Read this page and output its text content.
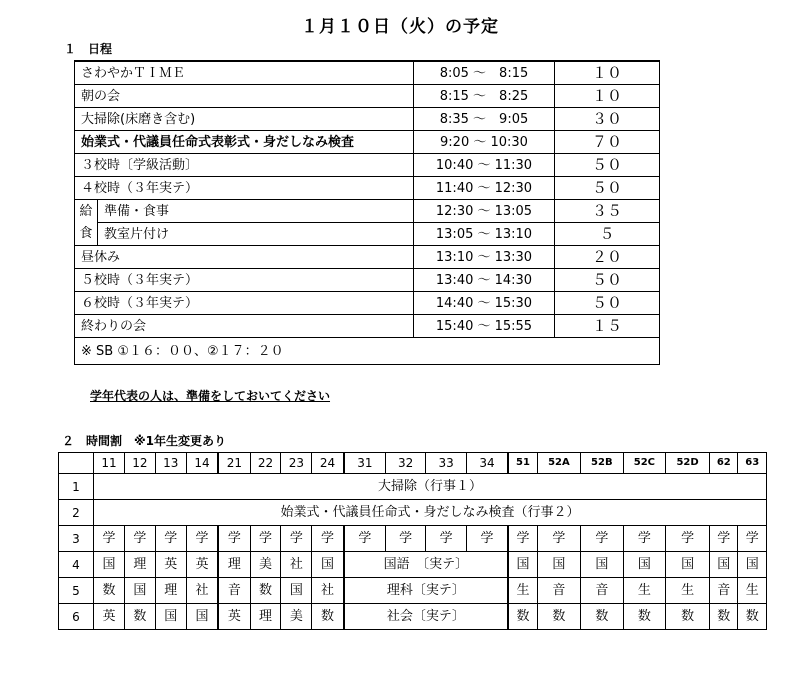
１月１０日（火）の予定
１　日程
さわやかＴＩＭＥ		8:05 ～　8:15	１０
朝の会		8:15 ～　8:25	１０
大掃除(床磨き含む)		8:35 ～　9:05	３０
始業式・代議員任命式表彰式・身だしなみ検査		9:20 ～ 10:30	７０
３校時〔学級活動〕		10:40 ～ 11:30	５０
４校時（３年実テ）		11:40 ～ 12:30	５０
給	準備・食事	12:30 ～ 13:05	３５
食	教室片付け	13:05 ～ 13:10	５
昼休み		13:10 ～ 13:30	２０
５校時（３年実テ）		13:40 ～ 14:30	５０
６校時（３年実テ）		14:40 ～ 15:30	５０
終わりの会		15:40 ～ 15:55	１５
※ SB ①１６：００、②１７：２０			
学年代表の人は、準備をしておいてください
２　時間割　※1年生変更あり
	11	12	13	14	21	22	23	24	31	32	33	34	51	52A	52B	52C	52D	62	63
1	大掃除（行事１）																		
2	始業式・代議員任命式・身だしなみ検査（行事２）																		
3	学	学	学	学	学	学	学	学	学	学	学	学	学	学	学	学	学	学	学
4	国	理	英	英	理	美	社	国	国語　〔実テ〕				国	国	国	国	国	国	国
5	数	国	理	社	音	数	国	社	理科〔実テ〕				生	音	音	生	生	音	生
6	英	数	国	国	英	理	美	数	社会〔実テ〕				数	数	数	数	数	数	数
